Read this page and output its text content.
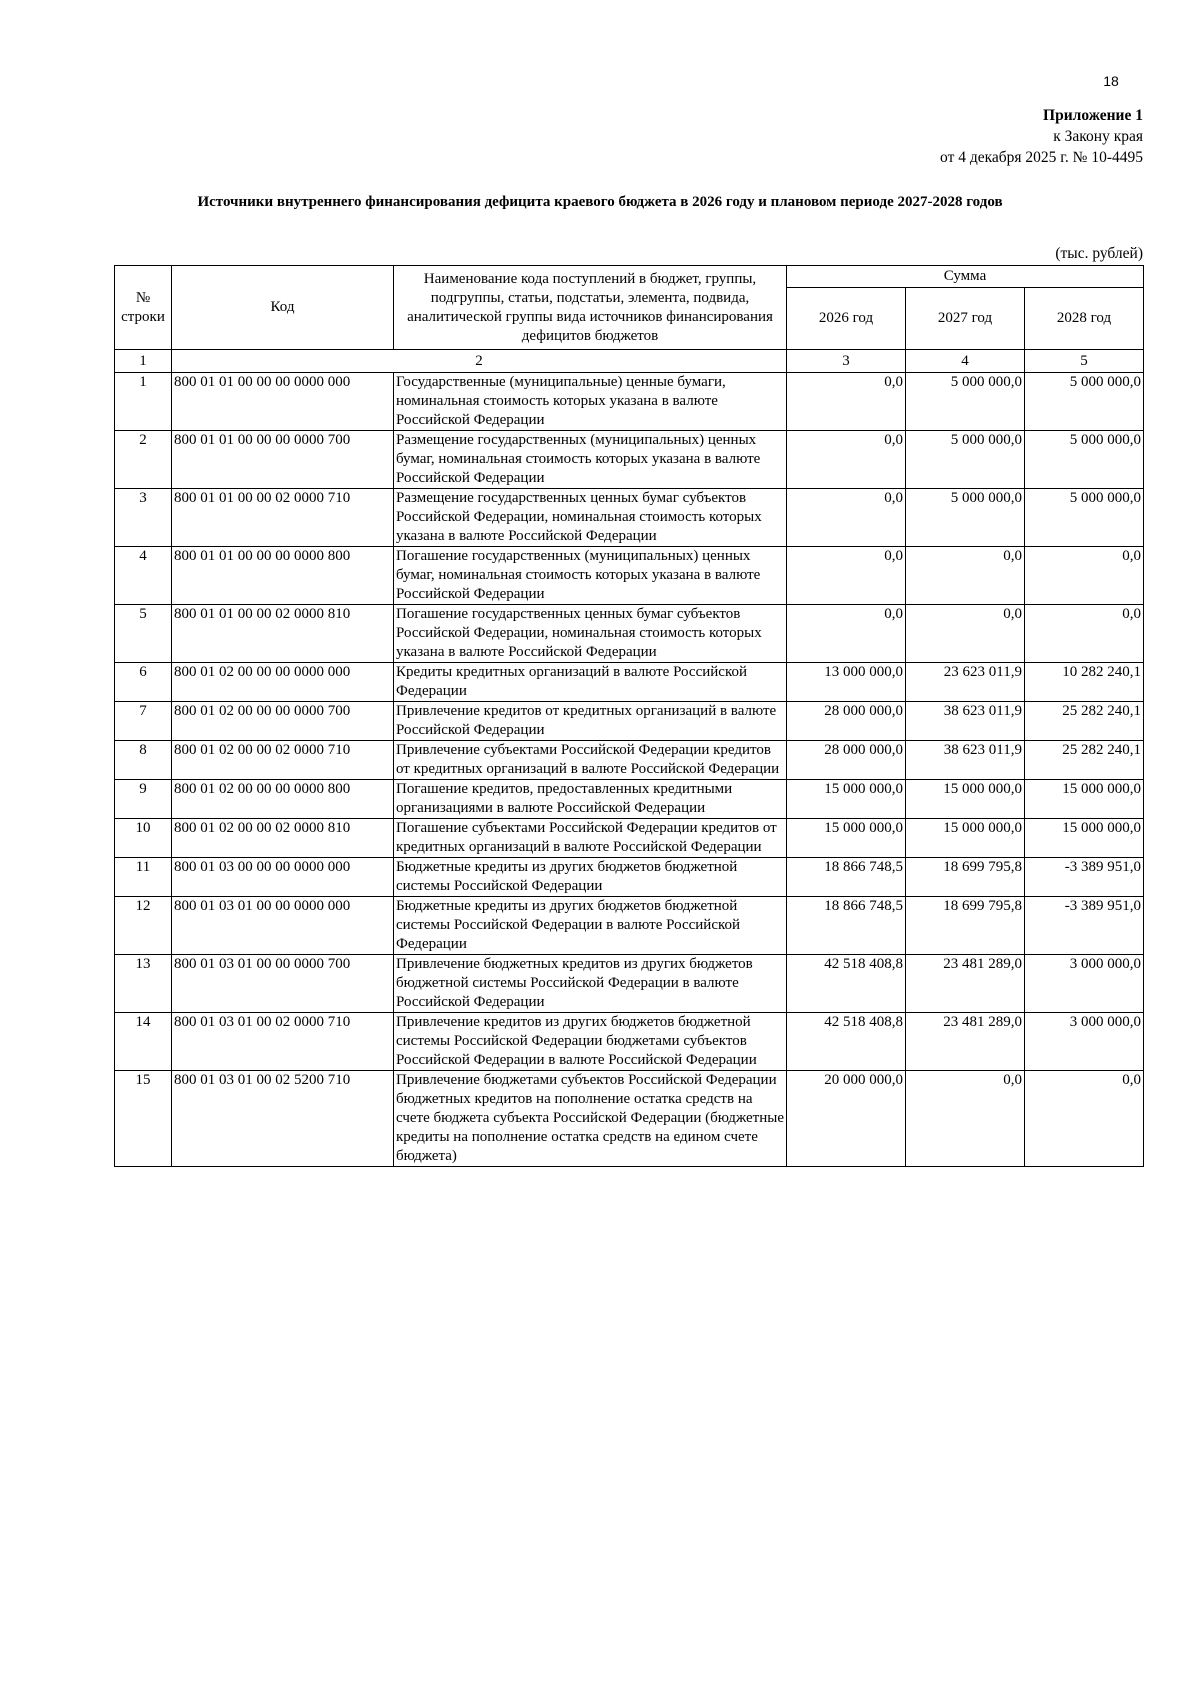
18
Приложение 1
к Закону края
от 4 декабря 2025 г. № 10-4495
Источники внутреннего финансирования дефицита краевого бюджета в 2026 году и плановом периоде 2027-2028 годов
(тыс. рублей)
№ строки	Код	Наименование кода поступлений в бюджет, группы, подгруппы, статьи, подстатьи, элемента, подвида, аналитической группы вида источников финансирования дефицитов бюджетов	Сумма		
			2026 год	2027 год	2028 год
1	2		3	4	5
1	800 01 01 00 00 00 0000 000	Государственные (муниципальные) ценные бумаги, номинальная стоимость которых указана в валюте Российской Федерации	0,0	5 000 000,0	5 000 000,0
2	800 01 01 00 00 00 0000 700	Размещение государственных (муниципальных) ценных бумаг, номинальная стоимость которых указана в валюте Российской Федерации	0,0	5 000 000,0	5 000 000,0
3	800 01 01 00 00 02 0000 710	Размещение государственных ценных бумаг субъектов Российской Федерации, номинальная стоимость которых указана в валюте Российской Федерации	0,0	5 000 000,0	5 000 000,0
4	800 01 01 00 00 00 0000 800	Погашение государственных (муниципальных) ценных бумаг, номинальная стоимость которых указана в валюте Российской Федерации	0,0	0,0	0,0
5	800 01 01 00 00 02 0000 810	Погашение государственных ценных бумаг субъектов Российской Федерации, номинальная стоимость которых указана в валюте Российской Федерации	0,0	0,0	0,0
6	800 01 02 00 00 00 0000 000	Кредиты кредитных организаций в валюте Российской Федерации	13 000 000,0	23 623 011,9	10 282 240,1
7	800 01 02 00 00 00 0000 700	Привлечение кредитов от кредитных организаций в валюте Российской Федерации	28 000 000,0	38 623 011,9	25 282 240,1
8	800 01 02 00 00 02 0000 710	Привлечение субъектами Российской Федерации кредитов от кредитных организаций в валюте Российской Федерации	28 000 000,0	38 623 011,9	25 282 240,1
9	800 01 02 00 00 00 0000 800	Погашение кредитов, предоставленных кредитными организациями в валюте Российской Федерации	15 000 000,0	15 000 000,0	15 000 000,0
10	800 01 02 00 00 02 0000 810	Погашение субъектами Российской Федерации кредитов от кредитных организаций в валюте Российской Федерации	15 000 000,0	15 000 000,0	15 000 000,0
11	800 01 03 00 00 00 0000 000	Бюджетные кредиты из других бюджетов бюджетной системы Российской Федерации	18 866 748,5	18 699 795,8	-3 389 951,0
12	800 01 03 01 00 00 0000 000	Бюджетные кредиты из других бюджетов бюджетной системы Российской Федерации в валюте Российской Федерации	18 866 748,5	18 699 795,8	-3 389 951,0
13	800 01 03 01 00 00 0000 700	Привлечение бюджетных кредитов из других бюджетов бюджетной системы Российской Федерации в валюте Российской Федерации	42 518 408,8	23 481 289,0	3 000 000,0
14	800 01 03 01 00 02 0000 710	Привлечение кредитов из других бюджетов бюджетной системы Российской Федерации бюджетами субъектов Российской Федерации в валюте Российской Федерации	42 518 408,8	23 481 289,0	3 000 000,0
15	800 01 03 01 00 02 5200 710	Привлечение бюджетами субъектов Российской Федерации бюджетных кредитов на пополнение остатка средств на счете бюджета субъекта Российской Федерации (бюджетные кредиты на пополнение остатка средств на едином счете бюджета)	20 000 000,0	0,0	0,0
